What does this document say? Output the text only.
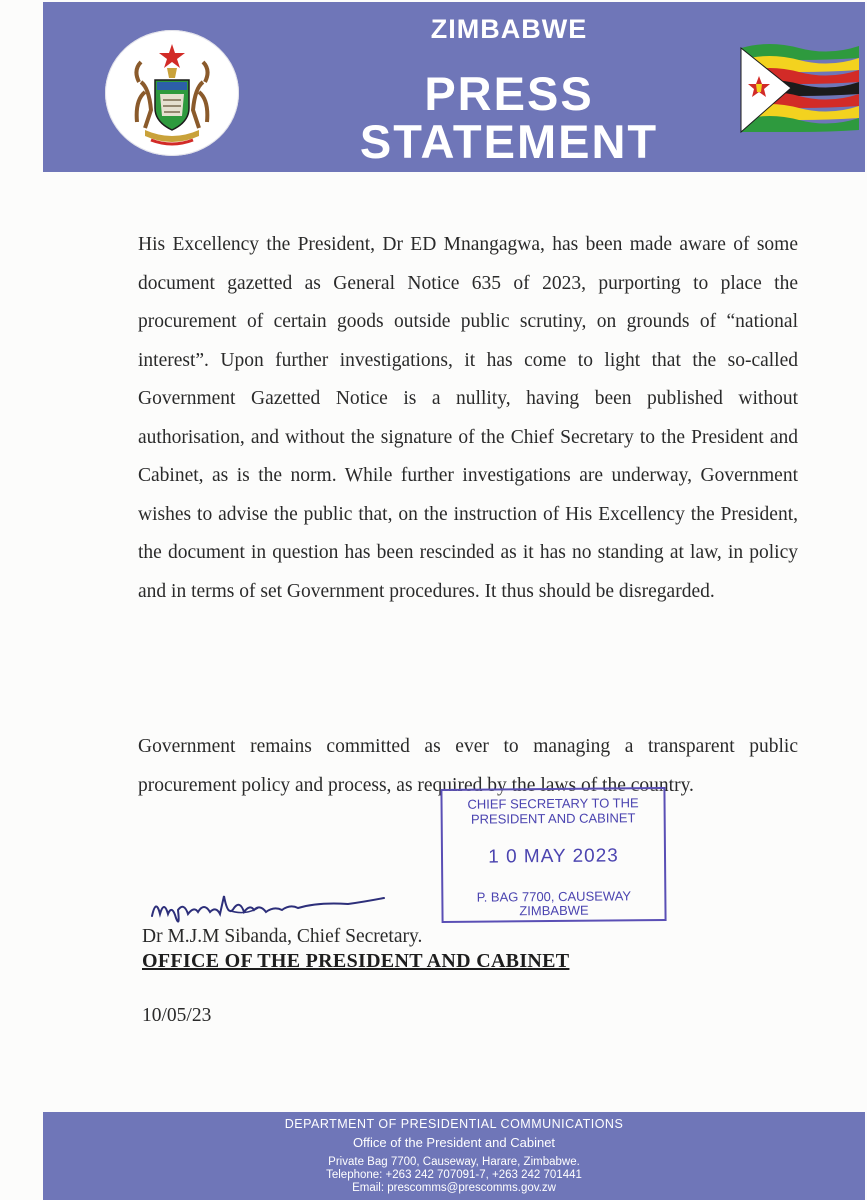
ZIMBABWE
PRESS
STATEMENT

His Excellency the President, Dr ED Mnangagwa, has been made aware of some document gazetted as General Notice 635 of 2023, purporting to place the procurement of certain goods outside public scrutiny, on grounds of “national interest”. Upon further investigations, it has come to light that the so-called Government Gazetted Notice is a nullity, having been published without authorisation, and without the signature of the Chief Secretary to the President and Cabinet, as is the norm. While further investigations are underway, Government wishes to advise the public that, on the instruction of His Excellency the President, the document in question has been rescinded as it has no standing at law, in policy and in terms of set Government procedures. It thus should be disregarded.

Government remains committed as ever to managing a transparent public procurement policy and process, as required by the laws of the country.

CHIEF SECRETARY TO THE
PRESIDENT AND CABINET
1 0 MAY 2023
P. BAG 7700, CAUSEWAY
ZIMBABWE
Dr M.J.M Sibanda, Chief Secretary.
OFFICE OF THE PRESIDENT AND CABINET
10/05/23
DEPARTMENT OF PRESIDENTIAL COMMUNICATIONS
Office of the President and Cabinet
Private Bag 7700, Causeway, Harare, Zimbabwe.
Telephone: +263 242 707091-7, +263 242 701441
Email: prescomms@prescomms.gov.zw
